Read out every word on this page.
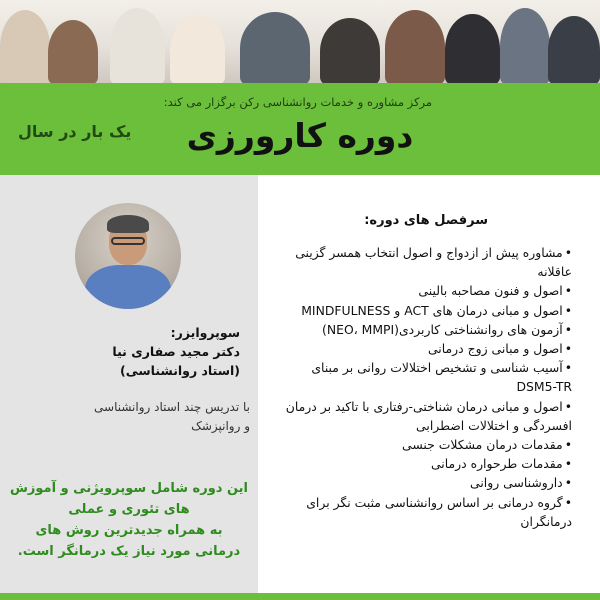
مرکز مشاوره و خدمات روانشناسی رکن برگزار می کند:
دوره کارورزی
یک بار در سال
سوپروایزر:
دکتر مجید صفاری نیا
(استاد روانشناسی)
با تدریس چند استاد روانشناسی
و روانپزشک
این دوره شامل سوپرویژنی و آموزش
های تئوری و عملی
به همراه جدیدترین روش های
درمانی مورد نیاز یک درمانگر است.
سرفصل های دوره:
• مشاوره پیش از ازدواج و اصول انتخاب همسر گزینی عاقلانه
• اصول و فنون مصاحبه بالینی
• اصول و مبانی درمان های ACT و MINDFULNESS
• آزمون های روانشناختی کاربردی(NEO، MMPI)
• اصول و مبانی زوج درمانی
• آسیب شناسی و تشخیص اختلالات روانی بر مبنای DSM5-TR
• اصول و مبانی درمان شناختی-رفتاری با تاکید بر درمان افسردگی و اختلالات اضطرابی
• مقدمات درمان مشکلات جنسی
• مقدمات طرحواره درمانی
• داروشناسی روانی
• گروه درمانی بر اساس روانشناسی مثبت نگر برای درمانگران
